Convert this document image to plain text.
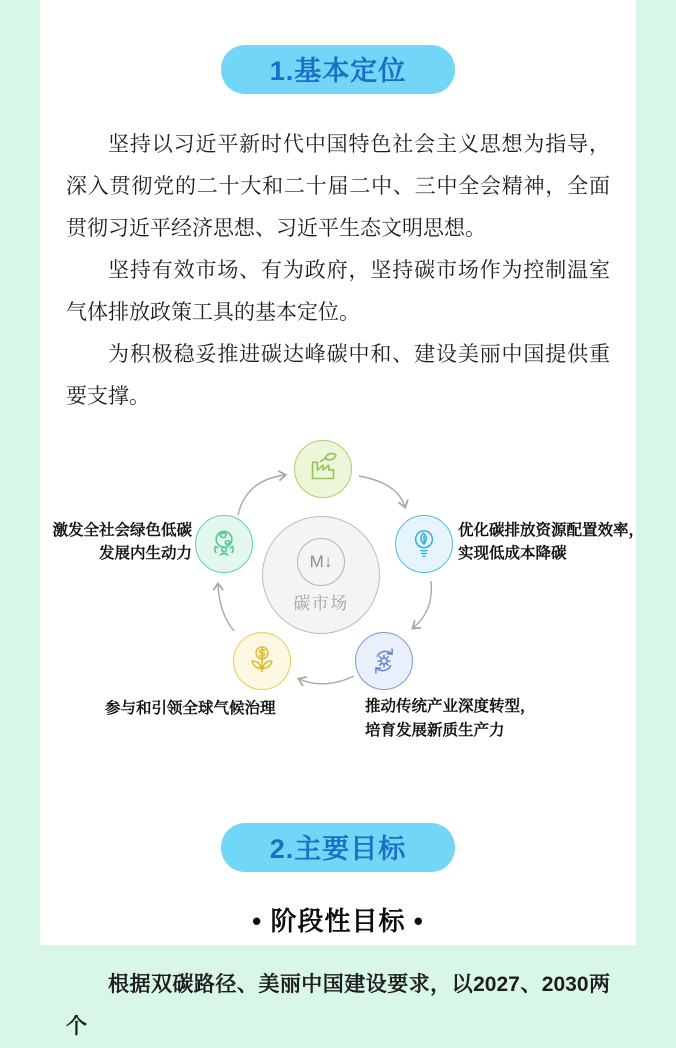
1.基本定位

坚持以习近平新时代中国特色社会主义思想为指导，深入贯彻党的二十大和二十届二中、三中全会精神，全面贯彻习近平经济思想、习近平生态文明思想。

坚持有效市场、有为政府，坚持碳市场作为控制温室气体排放政策工具的基本定位。

为积极稳妥推进碳达峰碳中和、建设美丽中国提供重要支撑。

M↓
碳市场
激发全社会绿色低碳
发展内生动力
优化碳排放资源配置效率，
实现低成本降碳
参与和引领全球气候治理	推动传统产业深度转型，
培育发展新质生产力
2.主要目标
• 阶段性目标 •

根据双碳路径、美丽中国建设要求，以2027、2030两个
